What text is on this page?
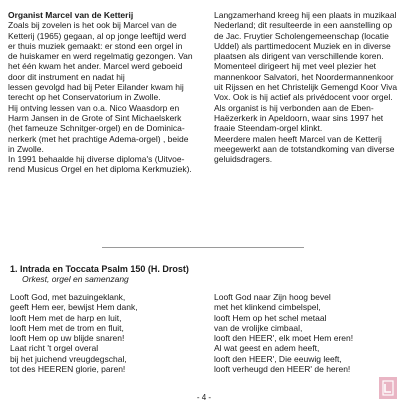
Organist Marcel van de Ketterij
Zoals bij zovelen is het ook bij Marcel van de
Ketterij (1965) gegaan, al op jonge leeftijd werd
er thuis muziek gemaakt: er stond een orgel in
de huiskamer en werd regelmatig gezongen. Van
het één kwam het ander. Marcel werd geboeid
door dit instrument en nadat hij
lessen gevolgd had bij Peter Eilander kwam hij
terecht op het Conservatorium in Zwolle.
Hij ontving lessen van o.a. Nico Waasdorp en
Harm Jansen in de Grote of Sint Michaelskerk
(het fameuze Schnitger-orgel) en de Dominica-
nerkerk (met het prachtige Adema-orgel) , beide
in Zwolle.
In 1991 behaalde hij diverse diploma's (Uitvoe-
rend Musicus Orgel en het diploma Kerkmuziek).
Langzamerhand kreeg hij een plaats in muzikaal
Nederland; dit resulteerde in een aanstelling op
de Jac. Fruytier Scholengemeenschap (locatie
Uddel) als parttimedocent Muziek en in diverse
plaatsen als dirigent van verschillende koren.
Momenteel dirigeert hij met veel plezier het
mannenkoor Salvatori, het Noordermannenkoor
uit Rijssen en het Christelijk Gemengd Koor Viva
Vox. Ook is hij actief als privédocent voor orgel.
Als organist is hij verbonden aan de Eben-
Haëzerkerk in Apeldoorn, waar sins 1997 het
fraaie Steendam-orgel klinkt.
Meerdere malen heeft Marcel van de Ketterij
meegewerkt aan de totstandkoming van diverse
geluidsdragers.
1. Intrada en Toccata Psalm 150 (H. Drost)
Orkest, orgel en samenzang
Looft God, met bazuingeklank,
geeft Hem eer, bewijst Hem dank,
looft Hem met de harp en luit,
looft Hem met de trom en fluit,
looft Hem op uw blijde snaren!
Laat richt 't orgel overal
bij het juichend vreugdegschal,
tot des HEEREN glorie, paren!
Looft God naar Zijn hoog bevel
met het klinkend cimbelspel,
looft Hem op het schel metaal
van de vrolijke cimbaal,
looft den HEER', elk moet Hem eren!
Al wat geest en adem heeft,
looft den HEER', Die eeuwig leeft,
looft verheugd den HEER' de heren!
- 4 -
